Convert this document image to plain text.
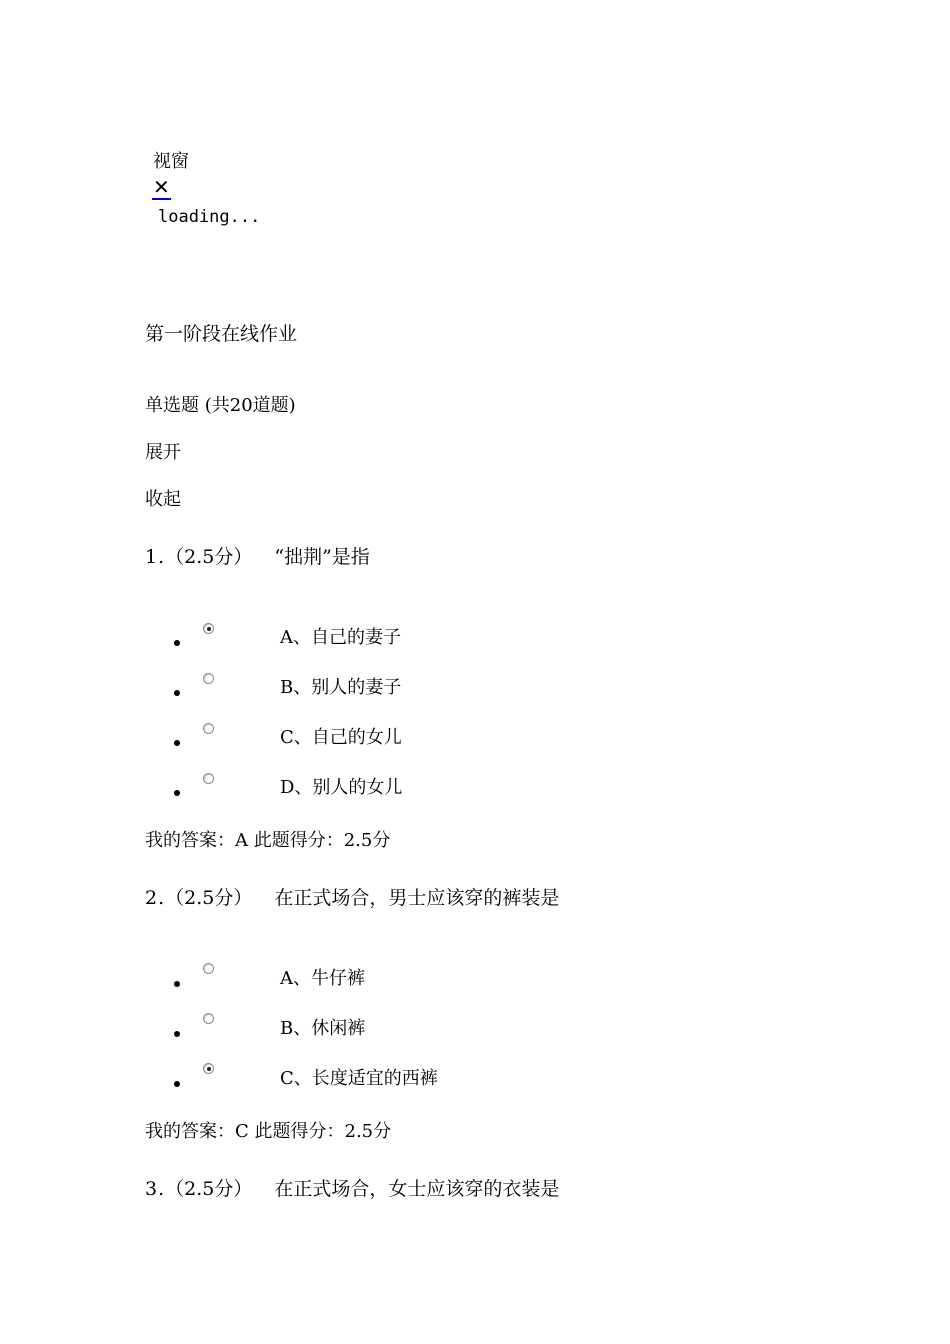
视窗
✕
loading...
第一阶段在线作业
单选题 (共20道题)
展开
收起
1.（2.5分） “拙荆”是指
A、自己的妻子
B、别人的妻子
C、自己的女儿
D、别人的女儿
我的答案：A 此题得分：2.5分
2.（2.5分） 在正式场合，男士应该穿的裤装是
A、牛仔裤
B、休闲裤
C、长度适宜的西裤
我的答案：C 此题得分：2.5分
3.（2.5分） 在正式场合，女士应该穿的衣装是
